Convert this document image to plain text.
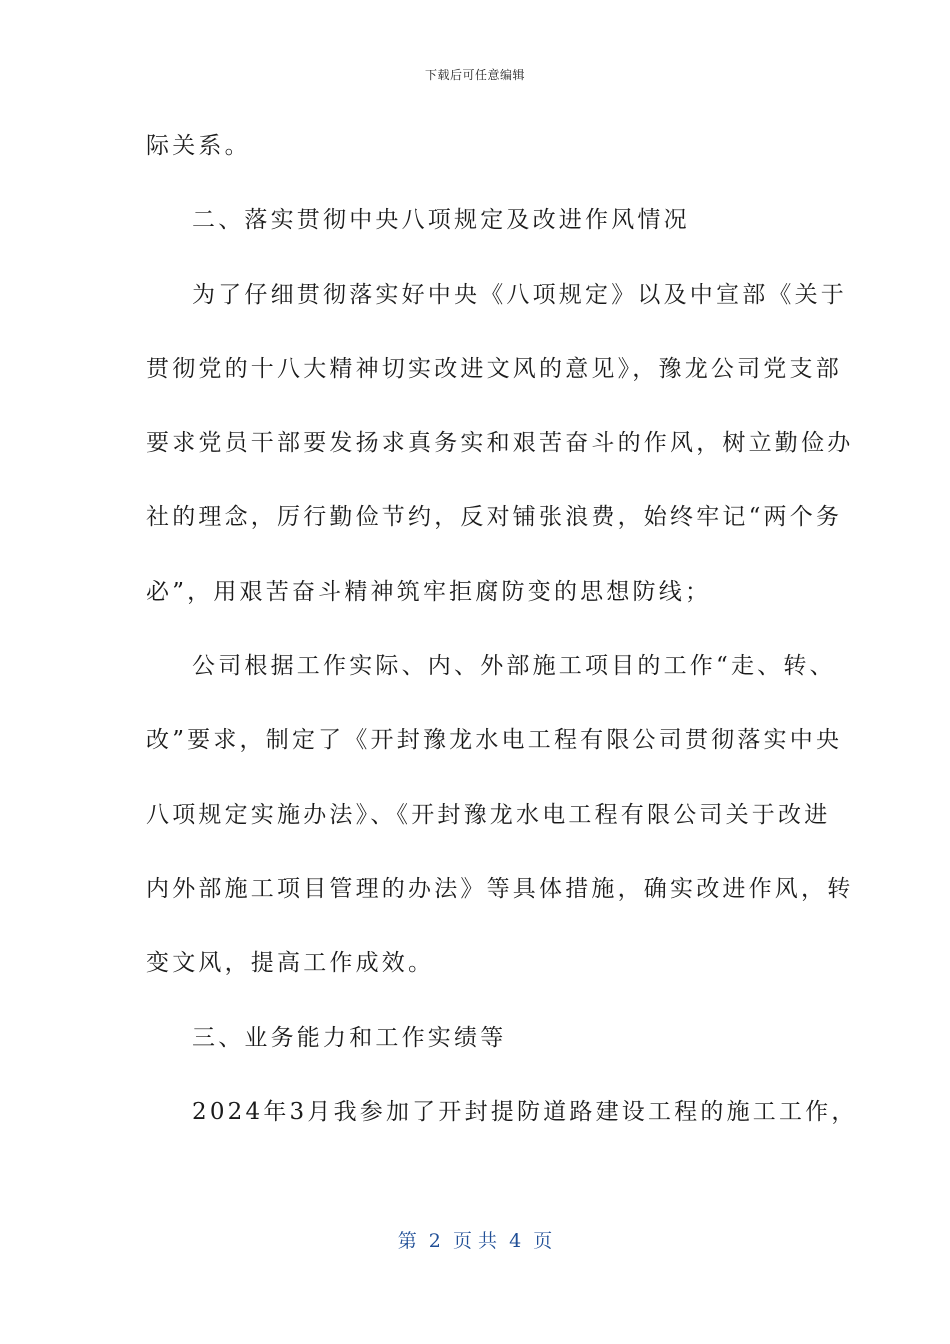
下载后可任意编辑
际关系。
二、落实贯彻中央八项规定及改进作风情况
为了仔细贯彻落实好中央《八项规定》以及中宣部《关于
贯彻党的十八大精神切实改进文风的意见》，豫龙公司党支部
要求党员干部要发扬求真务实和艰苦奋斗的作风，树立勤俭办
社的理念，厉行勤俭节约，反对铺张浪费，始终牢记“两个务
必”，用艰苦奋斗精神筑牢拒腐防变的思想防线；
公司根据工作实际、内、外部施工项目的工作“走、转、
改”要求，制定了《开封豫龙水电工程有限公司贯彻落实中央
八项规定实施办法》、《开封豫龙水电工程有限公司关于改进
内外部施工项目管理的办法》等具体措施，确实改进作风，转
变文风，提高工作成效。
三、业务能力和工作实绩等
2024年3月我参加了开封提防道路建设工程的施工工作，
第  2  页 共  4  页
